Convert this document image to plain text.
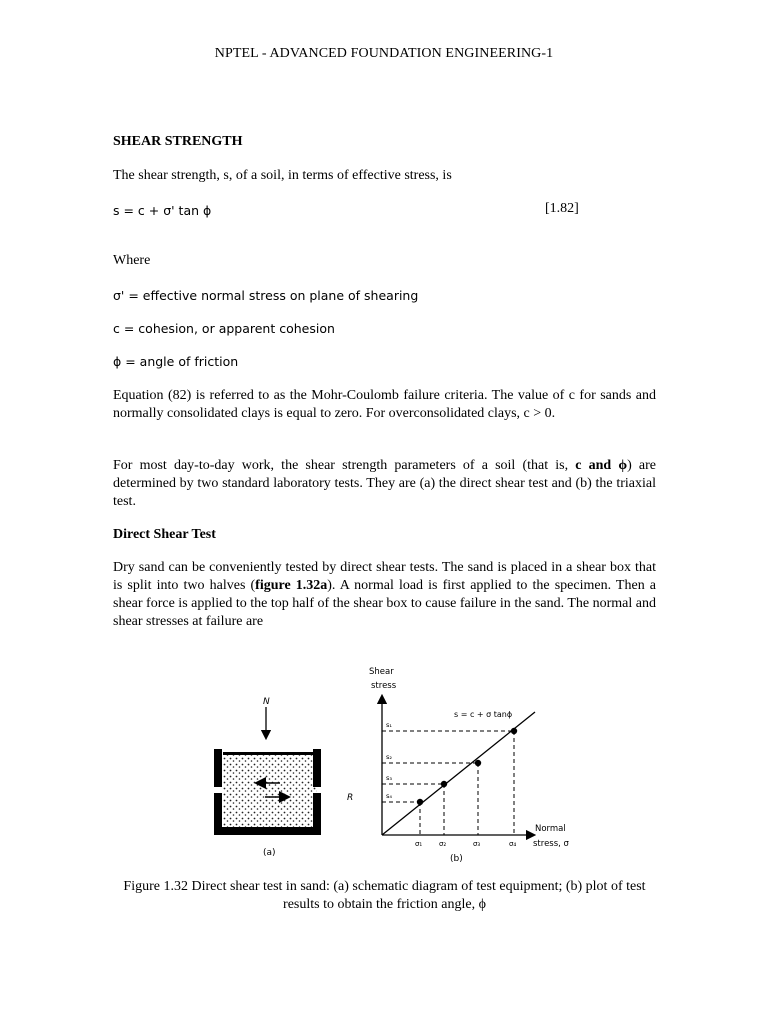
NPTEL - ADVANCED FOUNDATION ENGINEERING-1
SHEAR STRENGTH
The shear strength, s, of a soil, in terms of effective stress, is
s = c + σ' tan ϕ	[1.82]
Where
σ' = effective normal stress on plane of shearing
c = cohesion, or apparent cohesion
ϕ = angle of friction
Equation (82) is referred to as the Mohr-Coulomb failure criteria. The value of c for sands and normally consolidated clays is equal to zero. For overconsolidated clays, c > 0.
For most day-to-day work, the shear strength parameters of a soil (that is, c and ϕ) are determined by two standard laboratory tests. They are (a) the direct shear test and (b) the triaxial test.
Direct Shear Test
Dry sand can be conveniently tested by direct shear tests. The sand is placed in a shear box that is split into two halves (figure 1.32a). A normal load is first applied to the specimen. Then a shear force is applied to the top half of the shear box to cause failure in the sand. The normal and shear stresses at failure are
N
R
(a)
Shear
stress
s = c + σ tanϕ
s₁
s₂
s₃
s₄
σ₁ σ₂	σ₃	σ₄
Normal
stress, σ
(b)
Figure 1.32 Direct shear test in sand: (a) schematic diagram of test equipment; (b) plot of test results to obtain the friction angle, ϕ
